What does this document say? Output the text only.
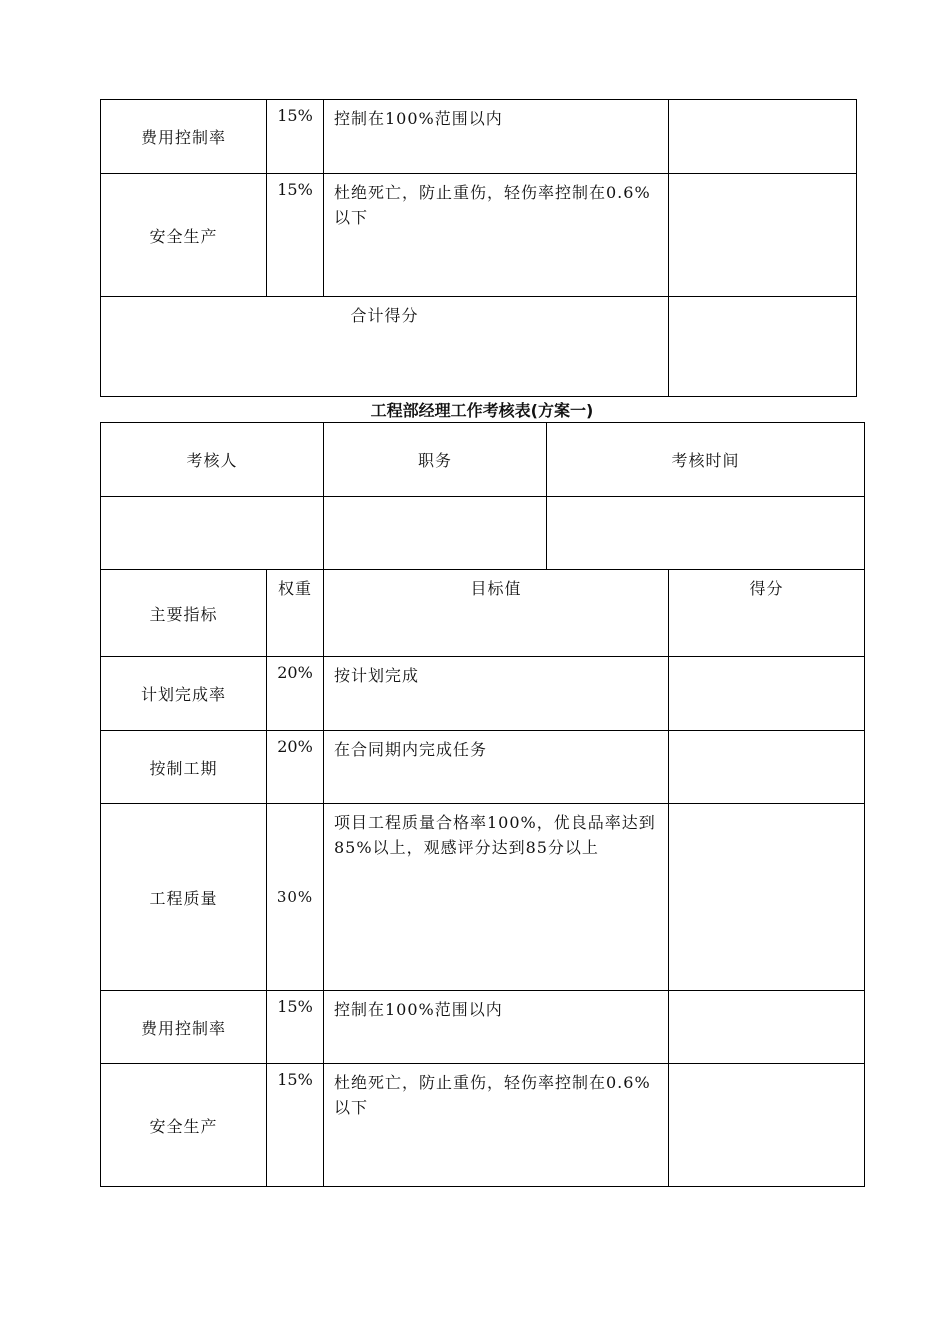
费用控制率	15%	控制在100%范围以内	
安全生产	15%	杜绝死亡，防止重伤，轻伤率控制在0.6%以下	
合计得分			
工程部经理工作考核表(方案一)
考核人	职务	考核时间

主要指标	权重	目标值	得分
计划完成率	20%	按计划完成	
按制工期	20%	在合同期内完成任务	
工程质量	30%	项目工程质量合格率100%，优良品率达到85%以上，观感评分达到85分以上	
费用控制率	15%	控制在100%范围以内	
安全生产	15%	杜绝死亡，防止重伤，轻伤率控制在0.6%以下	
